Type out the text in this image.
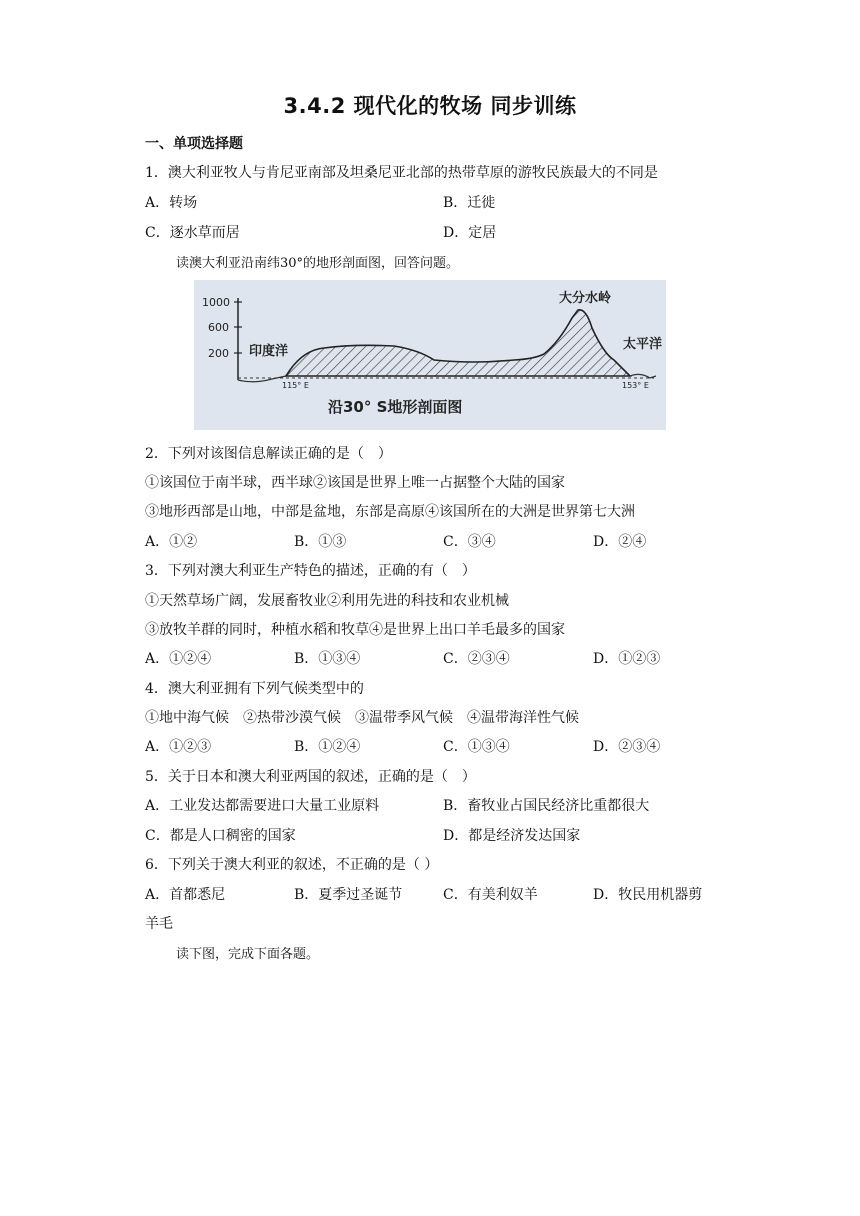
3.4.2 现代化的牧场 同步训练
一、单项选择题
1．澳大利亚牧人与肯尼亚南部及坦桑尼亚北部的热带草原的游牧民族最大的不同是
A．转场	B．迁徙
C．逐水草而居	D．定居
读澳大利亚沿南纬30°的地形剖面图，回答问题。
1000
600
200 印度洋
大分水岭
太平洋
115° E	153° E
沿30° S地形剖面图
2．下列对该图信息解读正确的是（　）
①该国位于南半球，西半球②该国是世界上唯一占据整个大陆的国家
③地形西部是山地，中部是盆地，东部是高原④该国所在的大洲是世界第七大洲
A．①②	B．①③	C．③④	D．②④
3．下列对澳大利亚生产特色的描述，正确的有（　）
①天然草场广阔，发展畜牧业②利用先进的科技和农业机械
③放牧羊群的同时，种植水稻和牧草④是世界上出口羊毛最多的国家
A．①②④	B．①③④	C．②③④	D．①②③
4．澳大利亚拥有下列气候类型中的
①地中海气候　②热带沙漠气候　③温带季风气候　④温带海洋性气候
A．①②③	B．①②④	C．①③④	D．②③④
5．关于日本和澳大利亚两国的叙述，正确的是（　）
A．工业发达都需要进口大量工业原料	B．畜牧业占国民经济比重都很大
C．都是人口稠密的国家	D．都是经济发达国家
6．下列关于澳大利亚的叙述，不正确的是（ ）
A．首都悉尼	B．夏季过圣诞节	C．有美利奴羊	D．牧民用机器剪
羊毛
读下图，完成下面各题。
